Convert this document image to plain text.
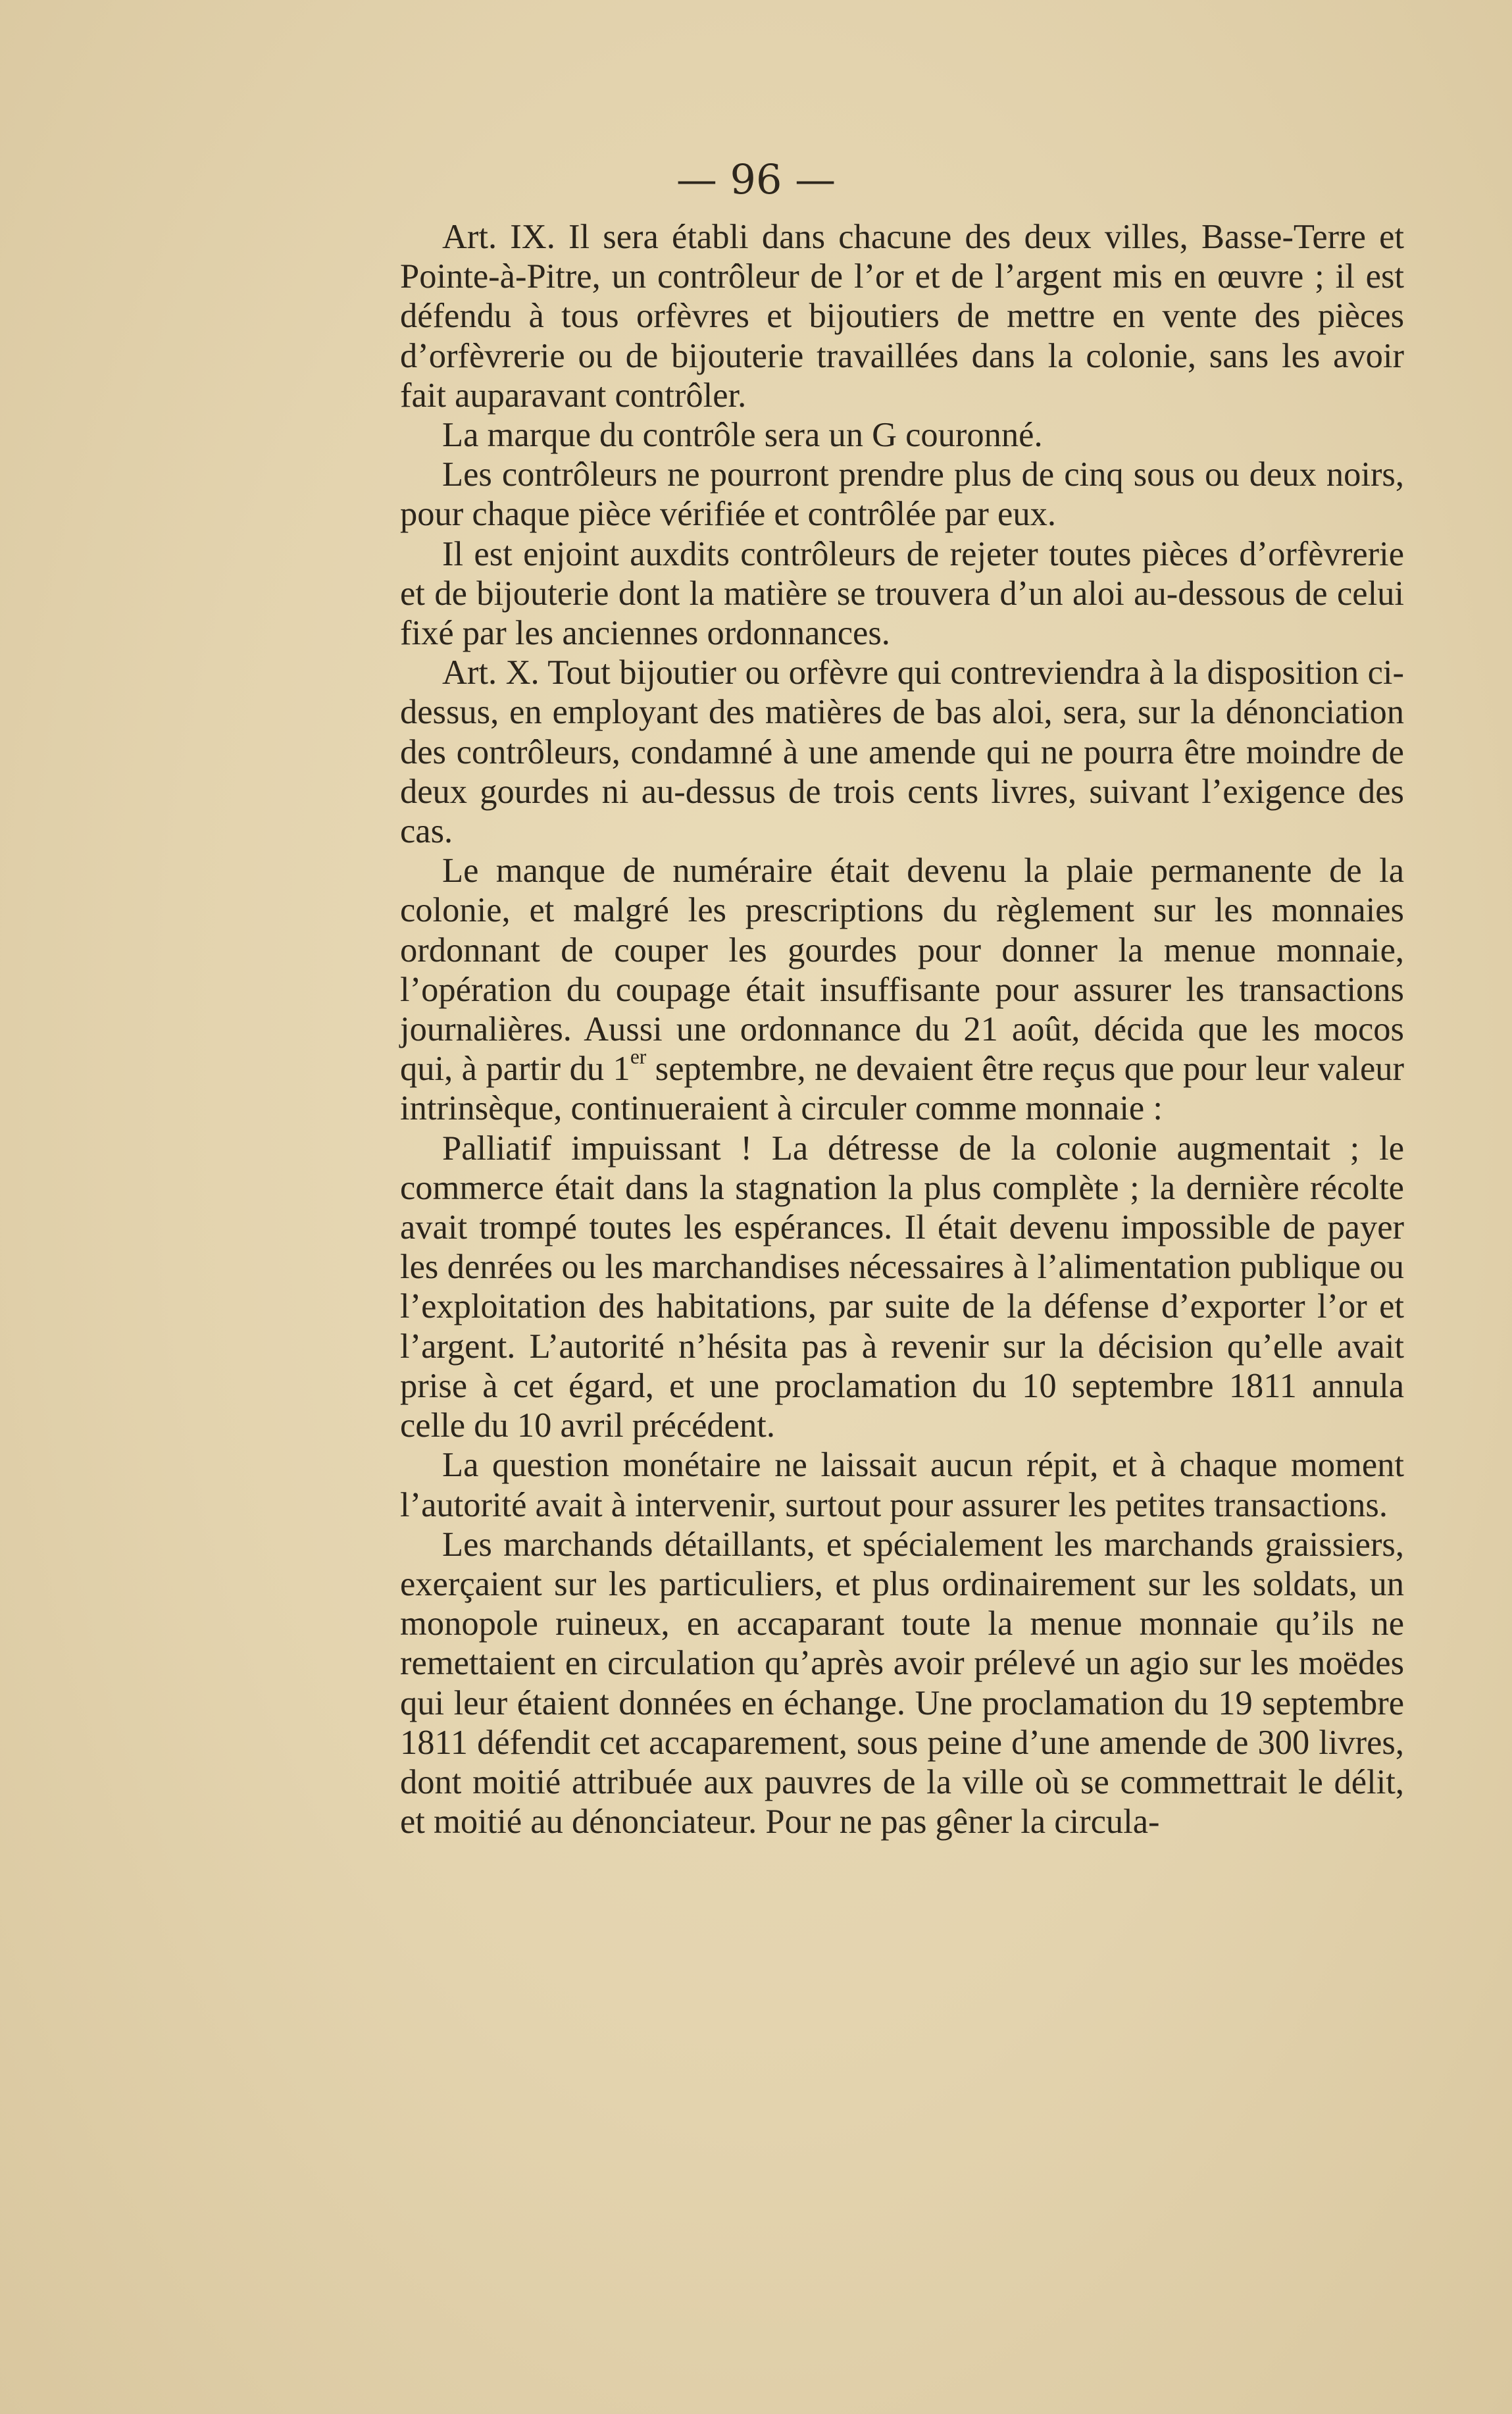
— 96 —

Art. IX. Il sera établi dans chacune des deux villes, Basse-Terre et Pointe-à-Pitre, un contrôleur de l’or et de l’argent mis en œuvre ; il est défendu à tous orfèvres et bijoutiers de mettre en vente des pièces d’orfèvrerie ou de bijouterie travaillées dans la colonie, sans les avoir fait auparavant contrôler.

La marque du contrôle sera un G couronné.

Les contrôleurs ne pourront prendre plus de cinq sous ou deux noirs, pour chaque pièce vérifiée et contrôlée par eux.

Il est enjoint auxdits contrôleurs de rejeter toutes pièces d’orfèvrerie et de bijouterie dont la matière se trouvera d’un aloi au-dessous de celui fixé par les anciennes ordonnances.

Art. X. Tout bijoutier ou orfèvre qui contreviendra à la disposition ci-dessus, en employant des matières de bas aloi, sera, sur la dénonciation des contrôleurs, condamné à une amende qui ne pourra être moindre de deux gourdes ni au-dessus de trois cents livres, suivant l’exigence des cas.

Le manque de numéraire était devenu la plaie permanente de la colonie, et malgré les prescriptions du règlement sur les monnaies ordonnant de couper les gourdes pour donner la menue monnaie, l’opération du coupage était insuffisante pour assurer les transactions journalières. Aussi une ordonnance du 21 août, décida que les mocos qui, à partir du 1er septembre, ne devaient être reçus que pour leur valeur intrinsèque, continueraient à circuler comme monnaie :

Palliatif impuissant ! La détresse de la colonie augmentait ; le commerce était dans la stagnation la plus complète ; la dernière récolte avait trompé toutes les espérances. Il était devenu impossible de payer les denrées ou les marchandises nécessaires à l’alimentation publique ou l’exploitation des habitations, par suite de la défense d’exporter l’or et l’argent. L’autorité n’hésita pas à revenir sur la décision qu’elle avait prise à cet égard, et une proclamation du 10 septembre 1811 annula celle du 10 avril précédent.

La question monétaire ne laissait aucun répit, et à chaque moment l’autorité avait à intervenir, surtout pour assurer les petites transactions.

Les marchands détaillants, et spécialement les marchands graissiers, exerçaient sur les particuliers, et plus ordinairement sur les soldats, un monopole ruineux, en accaparant toute la menue monnaie qu’ils ne remettaient en circulation qu’après avoir prélevé un agio sur les moëdes qui leur étaient données en échange. Une proclamation du 19 septembre 1811 défendit cet accaparement, sous peine d’une amende de 300 livres, dont moitié attribuée aux pauvres de la ville où se commettrait le délit, et moitié au dénonciateur. Pour ne pas gêner la circula-
